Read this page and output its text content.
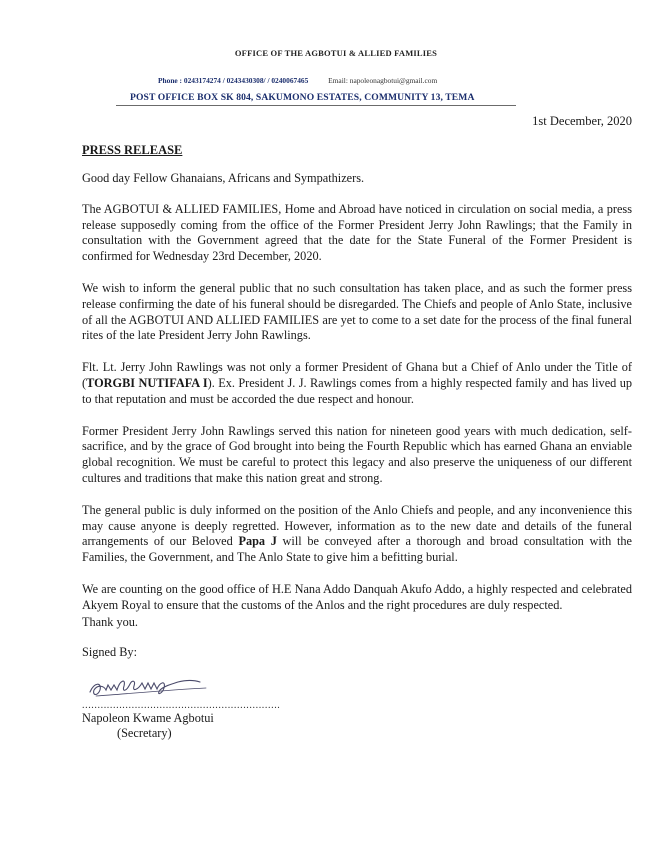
OFFICE OF THE AGBOTUI & ALLIED FAMILIES
Phone : 0243174274 / 0243430308/ / 0240067465	Email: napoleonagbotui@gmail.com
POST OFFICE BOX SK 804, SAKUMONO ESTATES, COMMUNITY 13, TEMA
1st December, 2020
PRESS RELEASE

Good day Fellow Ghanaians, Africans and Sympathizers.

The AGBOTUI & ALLIED FAMILIES, Home and Abroad have noticed in circulation on social media, a press release supposedly coming from the office of the Former President Jerry John Rawlings; that the Family in consultation with the Government agreed that the date for the State Funeral of the Former President is confirmed for Wednesday 23rd December, 2020.

We wish to inform the general public that no such consultation has taken place, and as such the former press release confirming the date of his funeral should be disregarded. The Chiefs and people of Anlo State, inclusive of all the AGBOTUI AND ALLIED FAMILIES are yet to come to a set date for the process of the final funeral rites of the late President Jerry John Rawlings.

Flt. Lt. Jerry John Rawlings was not only a former President of Ghana but a Chief of Anlo under the Title of (TORGBI NUTIFAFA I). Ex. President J. J. Rawlings comes from a highly respected family and has lived up to that reputation and must be accorded the due respect and honour.

Former President Jerry John Rawlings served this nation for nineteen good years with much dedication, self-sacrifice, and by the grace of God brought into being the Fourth Republic which has earned Ghana an enviable global recognition. We must be careful to protect this legacy and also preserve the uniqueness of our different cultures and traditions that make this nation great and strong.

The general public is duly informed on the position of the Anlo Chiefs and people, and any inconvenience this may cause anyone is deeply regretted. However, information as to the new date and details of the funeral arrangements of our Beloved Papa J will be conveyed after a thorough and broad consultation with the Families, the Government, and The Anlo State to give him a befitting burial.

We are counting on the good office of H.E Nana Addo Danquah Akufo Addo, a highly respected and celebrated Akyem Royal to ensure that the customs of the Anlos and the right procedures are duly respected.

Thank you.
Signed By:
................................................................
Napoleon Kwame Agbotui
(Secretary)
